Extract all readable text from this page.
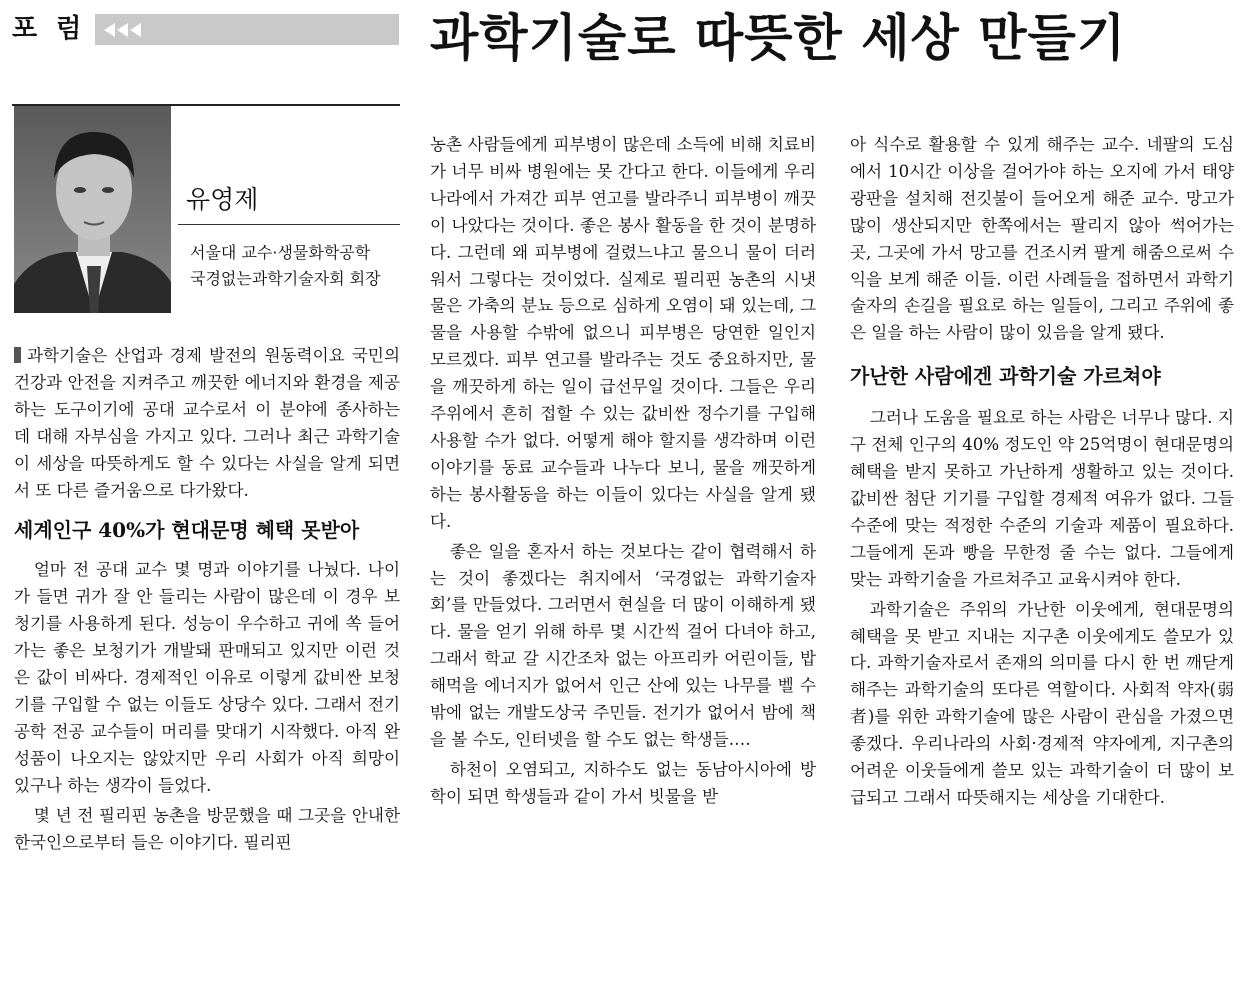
포 럼	과학기술로 따뜻한 세상 만들기
유영제
서울대 교수·생물화학공학
국경없는과학기술자회 회장

과학기술은 산업과 경제 발전의 원동력이요 국민의 건강과 안전을 지켜주고 깨끗한 에너지와 환경을 제공하는 도구이기에 공대 교수로서 이 분야에 종사하는 데 대해 자부심을 가지고 있다. 그러나 최근 과학기술이 세상을 따뜻하게도 할 수 있다는 사실을 알게 되면서 또 다른 즐거움으로 다가왔다.

세계인구 40%가 현대문명 혜택 못받아

얼마 전 공대 교수 몇 명과 이야기를 나눴다. 나이가 들면 귀가 잘 안 들리는 사람이 많은데 이 경우 보청기를 사용하게 된다. 성능이 우수하고 귀에 쏙 들어가는 좋은 보청기가 개발돼 판매되고 있지만 이런 것은 값이 비싸다. 경제적인 이유로 이렇게 값비싼 보청기를 구입할 수 없는 이들도 상당수 있다. 그래서 전기공학 전공 교수들이 머리를 맞대기 시작했다. 아직 완성품이 나오지는 않았지만 우리 사회가 아직 희망이 있구나 하는 생각이 들었다.

몇 년 전 필리핀 농촌을 방문했을 때 그곳을 안내한 한국인으로부터 들은 이야기다. 필리핀

농촌 사람들에게 피부병이 많은데 소득에 비해 치료비가 너무 비싸 병원에는 못 간다고 한다. 이들에게 우리나라에서 가져간 피부 연고를 발라주니 피부병이 깨끗이 나았다는 것이다. 좋은 봉사 활동을 한 것이 분명하다. 그런데 왜 피부병에 걸렸느냐고 물으니 물이 더러워서 그렇다는 것이었다. 실제로 필리핀 농촌의 시냇물은 가축의 분뇨 등으로 심하게 오염이 돼 있는데, 그 물을 사용할 수밖에 없으니 피부병은 당연한 일인지 모르겠다. 피부 연고를 발라주는 것도 중요하지만, 물을 깨끗하게 하는 일이 급선무일 것이다. 그들은 우리 주위에서 흔히 접할 수 있는 값비싼 정수기를 구입해 사용할 수가 없다. 어떻게 해야 할지를 생각하며 이런 이야기를 동료 교수들과 나누다 보니, 물을 깨끗하게 하는 봉사활동을 하는 이들이 있다는 사실을 알게 됐다.

좋은 일을 혼자서 하는 것보다는 같이 협력해서 하는 것이 좋겠다는 취지에서 ‘국경없는 과학기술자회’를 만들었다. 그러면서 현실을 더 많이 이해하게 됐다. 물을 얻기 위해 하루 몇 시간씩 걸어 다녀야 하고, 그래서 학교 갈 시간조차 없는 아프리카 어린이들, 밥 해먹을 에너지가 없어서 인근 산에 있는 나무를 벨 수밖에 없는 개발도상국 주민들. 전기가 없어서 밤에 책을 볼 수도, 인터넷을 할 수도 없는 학생들….

하천이 오염되고, 지하수도 없는 동남아시아에 방학이 되면 학생들과 같이 가서 빗물을 받

아 식수로 활용할 수 있게 해주는 교수. 네팔의 도심에서 10시간 이상을 걸어가야 하는 오지에 가서 태양광판을 설치해 전깃불이 들어오게 해준 교수. 망고가 많이 생산되지만 한쪽에서는 팔리지 않아 썩어가는 곳, 그곳에 가서 망고를 건조시켜 팔게 해줌으로써 수익을 보게 해준 이들. 이런 사례들을 접하면서 과학기술자의 손길을 필요로 하는 일들이, 그리고 주위에 좋은 일을 하는 사람이 많이 있음을 알게 됐다.

가난한 사람에겐 과학기술 가르쳐야

그러나 도움을 필요로 하는 사람은 너무나 많다. 지구 전체 인구의 40% 정도인 약 25억명이 현대문명의 혜택을 받지 못하고 가난하게 생활하고 있는 것이다. 값비싼 첨단 기기를 구입할 경제적 여유가 없다. 그들 수준에 맞는 적정한 수준의 기술과 제품이 필요하다. 그들에게 돈과 빵을 무한정 줄 수는 없다. 그들에게 맞는 과학기술을 가르쳐주고 교육시켜야 한다.

과학기술은 주위의 가난한 이웃에게, 현대문명의 혜택을 못 받고 지내는 지구촌 이웃에게도 쓸모가 있다. 과학기술자로서 존재의 의미를 다시 한 번 깨닫게 해주는 과학기술의 또다른 역할이다. 사회적 약자(弱者)를 위한 과학기술에 많은 사람이 관심을 가졌으면 좋겠다. 우리나라의 사회·경제적 약자에게, 지구촌의 어려운 이웃들에게 쓸모 있는 과학기술이 더 많이 보급되고 그래서 따뜻해지는 세상을 기대한다.
